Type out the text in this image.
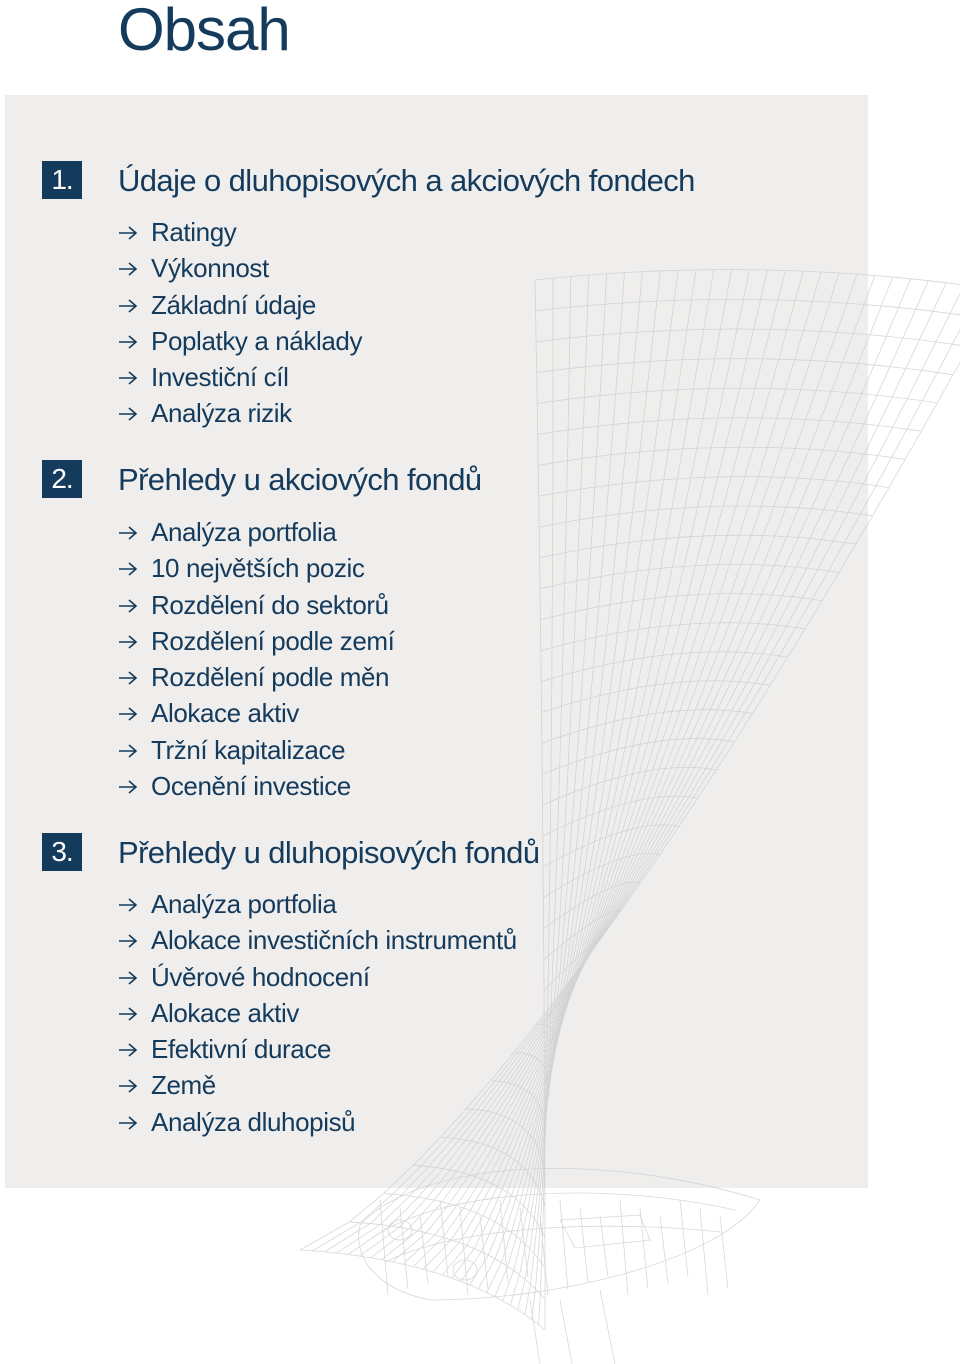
Obsah
1.	Údaje o dluhopisových a akciových fondech
Ratingy
Výkonnost
Základní údaje
Poplatky a náklady
Investiční cíl
Analýza rizik
2.	Přehledy u akciových fondů
Analýza portfolia
10 největších pozic
Rozdělení do sektorů
Rozdělení podle zemí
Rozdělení podle měn
Alokace aktiv
Tržní kapitalizace
Ocenění investice
3.	Přehledy u dluhopisových fondů
Analýza portfolia
Alokace investičních instrumentů
Úvěrové hodnocení
Alokace aktiv
Efektivní durace
Země
Analýza dluhopisů
